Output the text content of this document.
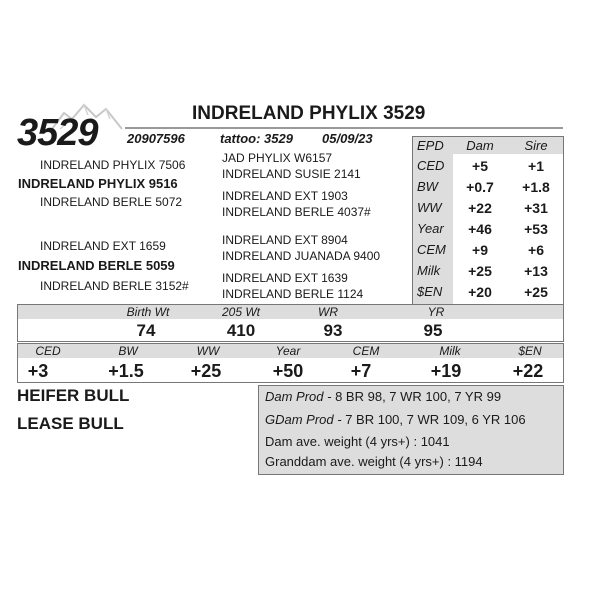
3529	INDRELAND PHYLIX 3529
20907596	tattoo: 3529 05/09/23
INDRELAND PHYLIX 7506
INDRELAND PHYLIX 9516
INDRELAND BERLE 5072
INDRELAND EXT 1659
INDRELAND BERLE 5059
INDRELAND BERLE 3152#
JAD PHYLIX W6157
INDRELAND SUSIE 2141
INDRELAND EXT 1903
INDRELAND BERLE 4037#
INDRELAND EXT 8904
INDRELAND JUANADA 9400
INDRELAND EXT 1639
INDRELAND BERLE 1124
EPD	Dam	Sire
CED	+5	+1
BW	+0.7	+1.8
WW	+22	+31
Year	+46	+53
CEM	+9	+6
Milk	+25	+13
$EN	+20	+25
Birth Wt	205 Wt	WR	YR
74	410	93	95
CED	BW	WW	Year	CEM	Milk	$EN
+3	+1.5	+25	+50	+7	+19	+22
HEIFER BULL
LEASE BULL
Dam Prod - 8 BR 98, 7 WR 100, 7 YR 99
GDam Prod - 7 BR 100, 7 WR 109, 6 YR 106
Dam ave. weight (4 yrs+) : 1041
Granddam ave. weight (4 yrs+) : 1194
